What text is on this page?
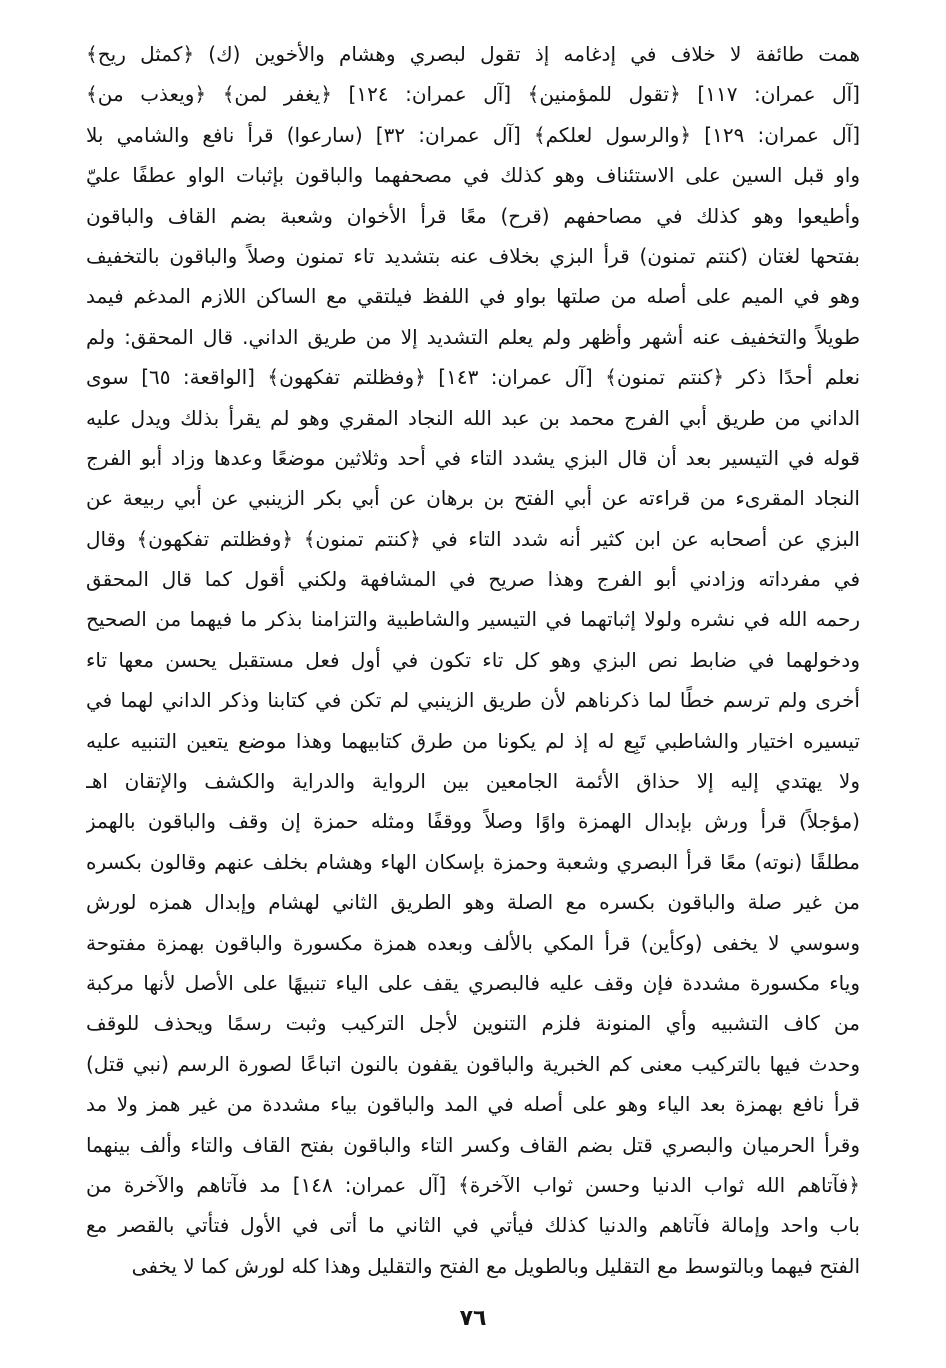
همت طائفة لا خلاف في إدغامه إذ تقول لبصري وهشام والأخوين (ك) ﴿كمثل ريح﴾
[آل عمران: ١١٧] ﴿تقول للمؤمنين﴾ [آل عمران: ١٢٤] ﴿يغفر لمن﴾ ﴿ويعذب من﴾
[آل عمران: ١٢٩] ﴿والرسول لعلكم﴾ [آل عمران: ٣٢] (سارعوا) قرأ نافع والشامي بلا
واو قبل السين على الاستئناف وهو كذلك في مصحفهما والباقون بإثبات الواو عطفًا عليّ
وأطيعوا وهو كذلك في مصاحفهم (قرح) معًا قرأ الأخوان وشعبة بضم القاف والباقون
بفتحها لغتان (كنتم تمنون) قرأ البزي بخلاف عنه بتشديد تاء تمنون وصلاً والباقون بالتخفيف
وهو في الميم على أصله من صلتها بواو في اللفظ فيلتقي مع الساكن اللازم المدغم فيمد
طويلاً والتخفيف عنه أشهر وأظهر ولم يعلم التشديد إلا من طريق الداني. قال المحقق: ولم
نعلم أحدًا ذكر ﴿كنتم تمنون﴾ [آل عمران: ١٤٣] ﴿وفظلتم تفكهون﴾ [الواقعة: ٦٥] سوى
الداني من طريق أبي الفرج محمد بن عبد الله النجاد المقري وهو لم يقرأ بذلك ويدل عليه
قوله في التيسير بعد أن قال البزي يشدد التاء في أحد وثلاثين موضعًا وعدها وزاد أبو الفرج
النجاد المقرىء من قراءته عن أبي الفتح بن برهان عن أبي بكر الزينبي عن أبي ربيعة عن
البزي عن أصحابه عن ابن كثير أنه شدد التاء في ﴿كنتم تمنون﴾ ﴿وفظلتم تفكهون﴾ وقال
في مفرداته وزادني أبو الفرج وهذا صريح في المشافهة ولكني أقول كما قال المحقق
رحمه الله في نشره ولولا إثباتهما في التيسير والشاطبية والتزامنا بذكر ما فيهما من الصحيح
ودخولهما في ضابط نص البزي وهو كل تاء تكون في أول فعل مستقبل يحسن معها تاء
أخرى ولم ترسم خطًا لما ذكرناهم لأن طريق الزينبي لم تكن في كتابنا وذكر الداني لهما في
تيسيره اختيار والشاطبي تَبِع له إذ لم يكونا من طرق كتابيهما وهذا موضع يتعين التنبيه عليه
ولا يهتدي إليه إلا حذاق الأئمة الجامعين بين الرواية والدراية والكشف والإتقان اهـ
(مؤجلاً) قرأ ورش بإبدال الهمزة واوًا وصلاً ووقفًا ومثله حمزة إن وقف والباقون بالهمز
مطلقًا (نوته) معًا قرأ البصري وشعبة وحمزة بإسكان الهاء وهشام بخلف عنهم وقالون بكسره
من غير صلة والباقون بكسره مع الصلة وهو الطريق الثاني لهشام وإبدال همزه لورش
وسوسي لا يخفى (وكأين) قرأ المكي بالألف وبعده همزة مكسورة والباقون بهمزة مفتوحة
وياء مكسورة مشددة فإن وقف عليه فالبصري يقف على الياء تنبيهًا على الأصل لأنها مركبة
من كاف التشبيه وأي المنونة فلزم التنوين لأجل التركيب وثبت رسمًا ويحذف للوقف
وحدث فيها بالتركيب معنى كم الخبرية والباقون يقفون بالنون اتباعًا لصورة الرسم (نبي قتل)
قرأ نافع بهمزة بعد الياء وهو على أصله في المد والباقون بياء مشددة من غير همز ولا مد
وقرأ الحرميان والبصري قتل بضم القاف وكسر التاء والباقون بفتح القاف والتاء وألف بينهما
﴿فآتاهم الله ثواب الدنيا وحسن ثواب الآخرة﴾ [آل عمران: ١٤٨] مد فآتاهم والآخرة من
باب واحد وإمالة فآتاهم والدنيا كذلك فيأتي في الثاني ما أتى في الأول فتأتي بالقصر مع
الفتح فيهما وبالتوسط مع التقليل وبالطويل مع الفتح والتقليل وهذا كله لورش كما لا يخفى
٧٦
